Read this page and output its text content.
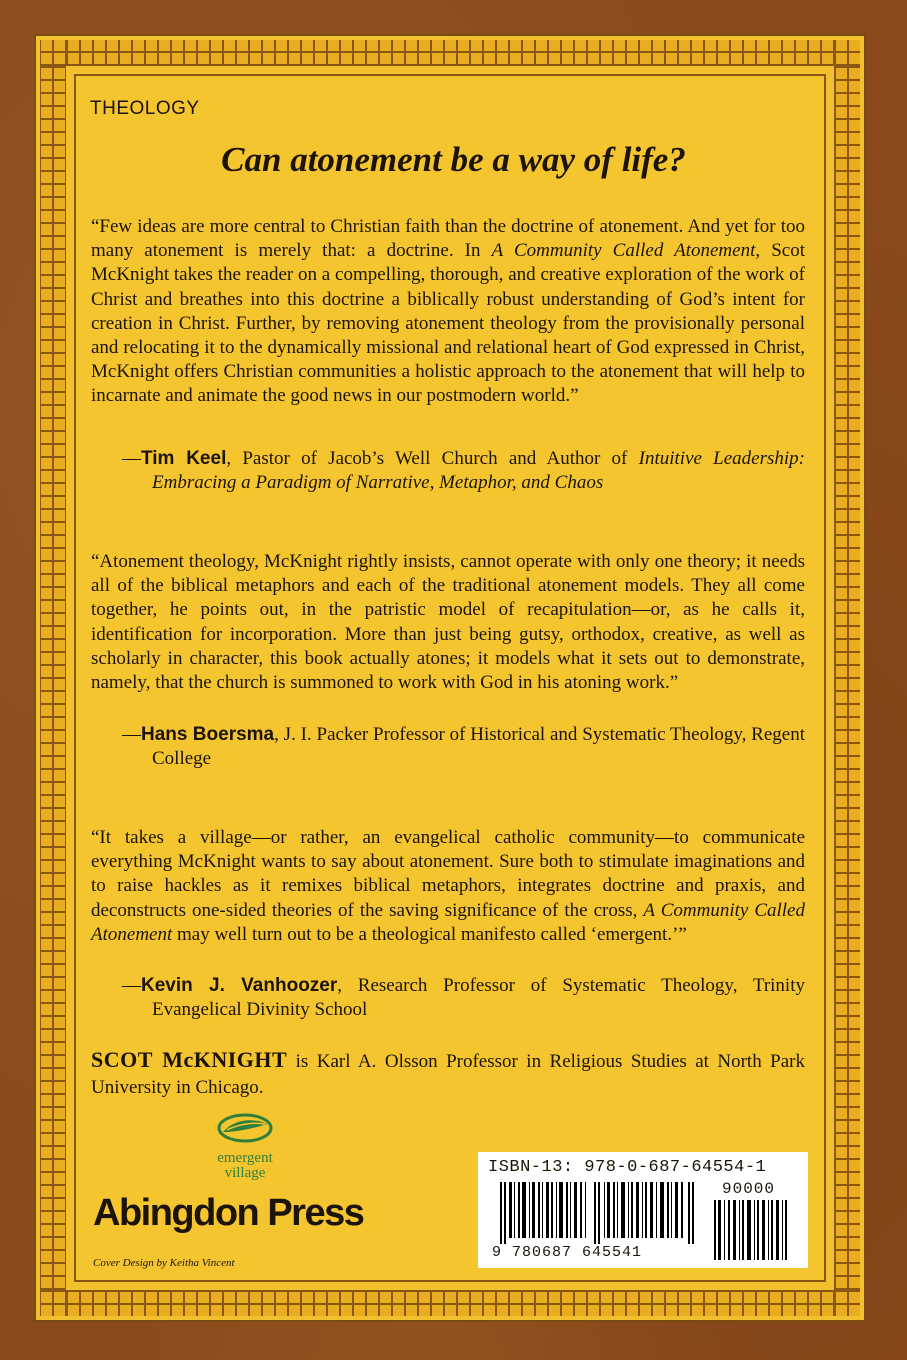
THEOLOGY
Can atonement be a way of life?
“Few ideas are more central to Christian faith than the doctrine of atonement. And yet for too many atonement is merely that: a doctrine. In A Community Called Atonement, Scot McKnight takes the reader on a compelling, thorough, and creative exploration of the work of Christ and breathes into this doctrine a biblically robust understanding of God’s intent for creation in Christ. Further, by removing atonement theology from the provisionally personal and relocating it to the dynamically missional and relational heart of God expressed in Christ, McKnight offers Christian communities a holistic approach to the atonement that will help to incarnate and animate the good news in our postmodern world.”
—Tim Keel, Pastor of Jacob’s Well Church and Author of Intuitive Leadership: Embracing a Paradigm of Narrative, Metaphor, and Chaos
“Atonement theology, McKnight rightly insists, cannot operate with only one theory; it needs all of the biblical metaphors and each of the traditional atonement models. They all come together, he points out, in the patristic model of recapitulation—or, as he calls it, identification for incorporation. More than just being gutsy, orthodox, creative, as well as scholarly in character, this book actually atones; it models what it sets out to demonstrate, namely, that the church is summoned to work with God in his atoning work.”
—Hans Boersma, J. I. Packer Professor of Historical and Systematic Theology, Regent College
“It takes a village—or rather, an evangelical catholic community—to communicate everything McKnight wants to say about atonement. Sure both to stimulate imaginations and to raise hackles as it remixes biblical metaphors, integrates doctrine and praxis, and deconstructs one-sided theories of the saving significance of the cross, A Community Called Atonement may well turn out to be a theological manifesto called ‘emergent.’”
—Kevin J. Vanhoozer, Research Professor of Systematic Theology, Trinity Evangelical Divinity School
SCOT McKNIGHT is Karl A. Olsson Professor in Religious Studies at North Park University in Chicago.
emergent
village
Abingdon Press
Cover Design by Keitha Vincent
ISBN-13: 978-0-687-64554-1
90000
9 780687 645541
